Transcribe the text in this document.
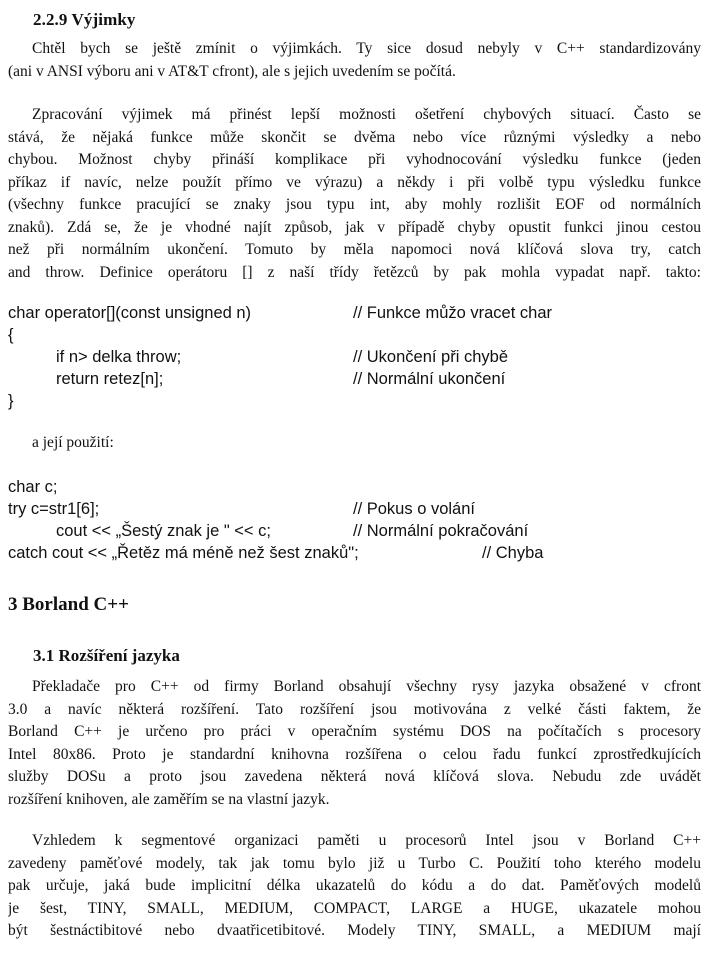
2.2.9 Výjimky
Chtěl bych se ještě zmínit o výjimkách. Ty sice dosud nebyly v C++ standardizovány
(ani v ANSI výboru ani v AT&T cfront), ale s jejich uvedením se počítá.
Zpracování výjimek má přinést lepší možnosti ošetření chybových situací. Často se
stává, že nějaká funkce může skončit se dvěma nebo více různými výsledky a nebo
chybou. Možnost chyby přináší komplikace při vyhodnocování výsledku funkce (jeden
příkaz if navíc, nelze použít přímo ve výrazu) a někdy i při volbě typu výsledku funkce
(všechny funkce pracující se znaky jsou typu int, aby mohly rozlišit EOF od normálních
znaků). Zdá se, že je vhodné najít způsob, jak v případě chyby opustit funkci jinou cestou
než při normálním ukončení. Tomuto by měla napomoci nová klíčová slova try, catch
and throw. Definice operátoru [] z naší třídy řetězců by pak mohla vypadat např. takto:
char operator[](const unsigned n)	// Funkce můžo vracet char
{
if n> delka throw;	// Ukončení při chybě
return retez[n];	// Normální ukončení
}
a její použití:
char c;
try c=str1[6];	// Pokus o volání
cout << „Šestý znak je " << c;	// Normální pokračování
catch cout << „Řetěz má méně než šest znaků";	// Chyba
3 Borland C++
3.1 Rozšíření jazyka
Překladače pro C++ od firmy Borland obsahují všechny rysy jazyka obsažené v cfront
3.0 a navíc některá rozšíření. Tato rozšíření jsou motivována z velké části faktem, že
Borland C++ je určeno pro práci v operačním systému DOS na počítačích s procesory
Intel 80x86. Proto je standardní knihovna rozšířena o celou řadu funkcí zprostředkujících
služby DOSu a proto jsou zavedena některá nová klíčová slova. Nebudu zde uvádět
rozšíření knihoven, ale zaměřím se na vlastní jazyk.
Vzhledem k segmentové organizaci paměti u procesorů Intel jsou v Borland C++
zavedeny paměťové modely, tak jak tomu bylo již u Turbo C. Použití toho kterého modelu
pak určuje, jaká bude implicitní délka ukazatelů do kódu a do dat. Paměťových modelů
je šest, TINY, SMALL, MEDIUM, COMPACT, LARGE a HUGE, ukazatele mohou
být šestnáctibitové nebo dvaatřicetibitové. Modely TINY, SMALL, a MEDIUM mají
